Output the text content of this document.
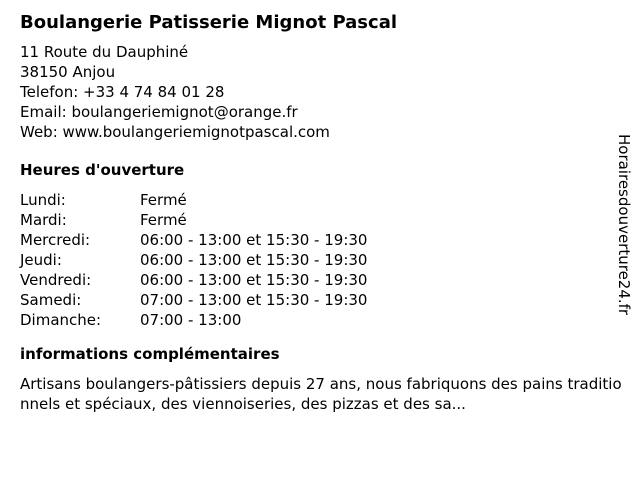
Boulangerie Patisserie Mignot Pascal
11 Route du Dauphiné
38150 Anjou
Telefon: +33 4 74 84 01 28
Email: boulangeriemignot@orange.fr
Web: www.boulangeriemignotpascal.com
Heures d'ouverture
Lundi:	Fermé
Mardi:	Fermé
Mercredi:	06:00 - 13:00 et 15:30 - 19:30
Jeudi:	06:00 - 13:00 et 15:30 - 19:30
Vendredi:	06:00 - 13:00 et 15:30 - 19:30
Samedi:	07:00 - 13:00 et 15:30 - 19:30
Dimanche:	07:00 - 13:00
informations complémentaires
Artisans boulangers-pâtissiers depuis 27 ans, nous fabriquons des pains traditionnels et spéciaux, des viennoiseries, des pizzas et des sa...
Horairesdouverture24.fr
